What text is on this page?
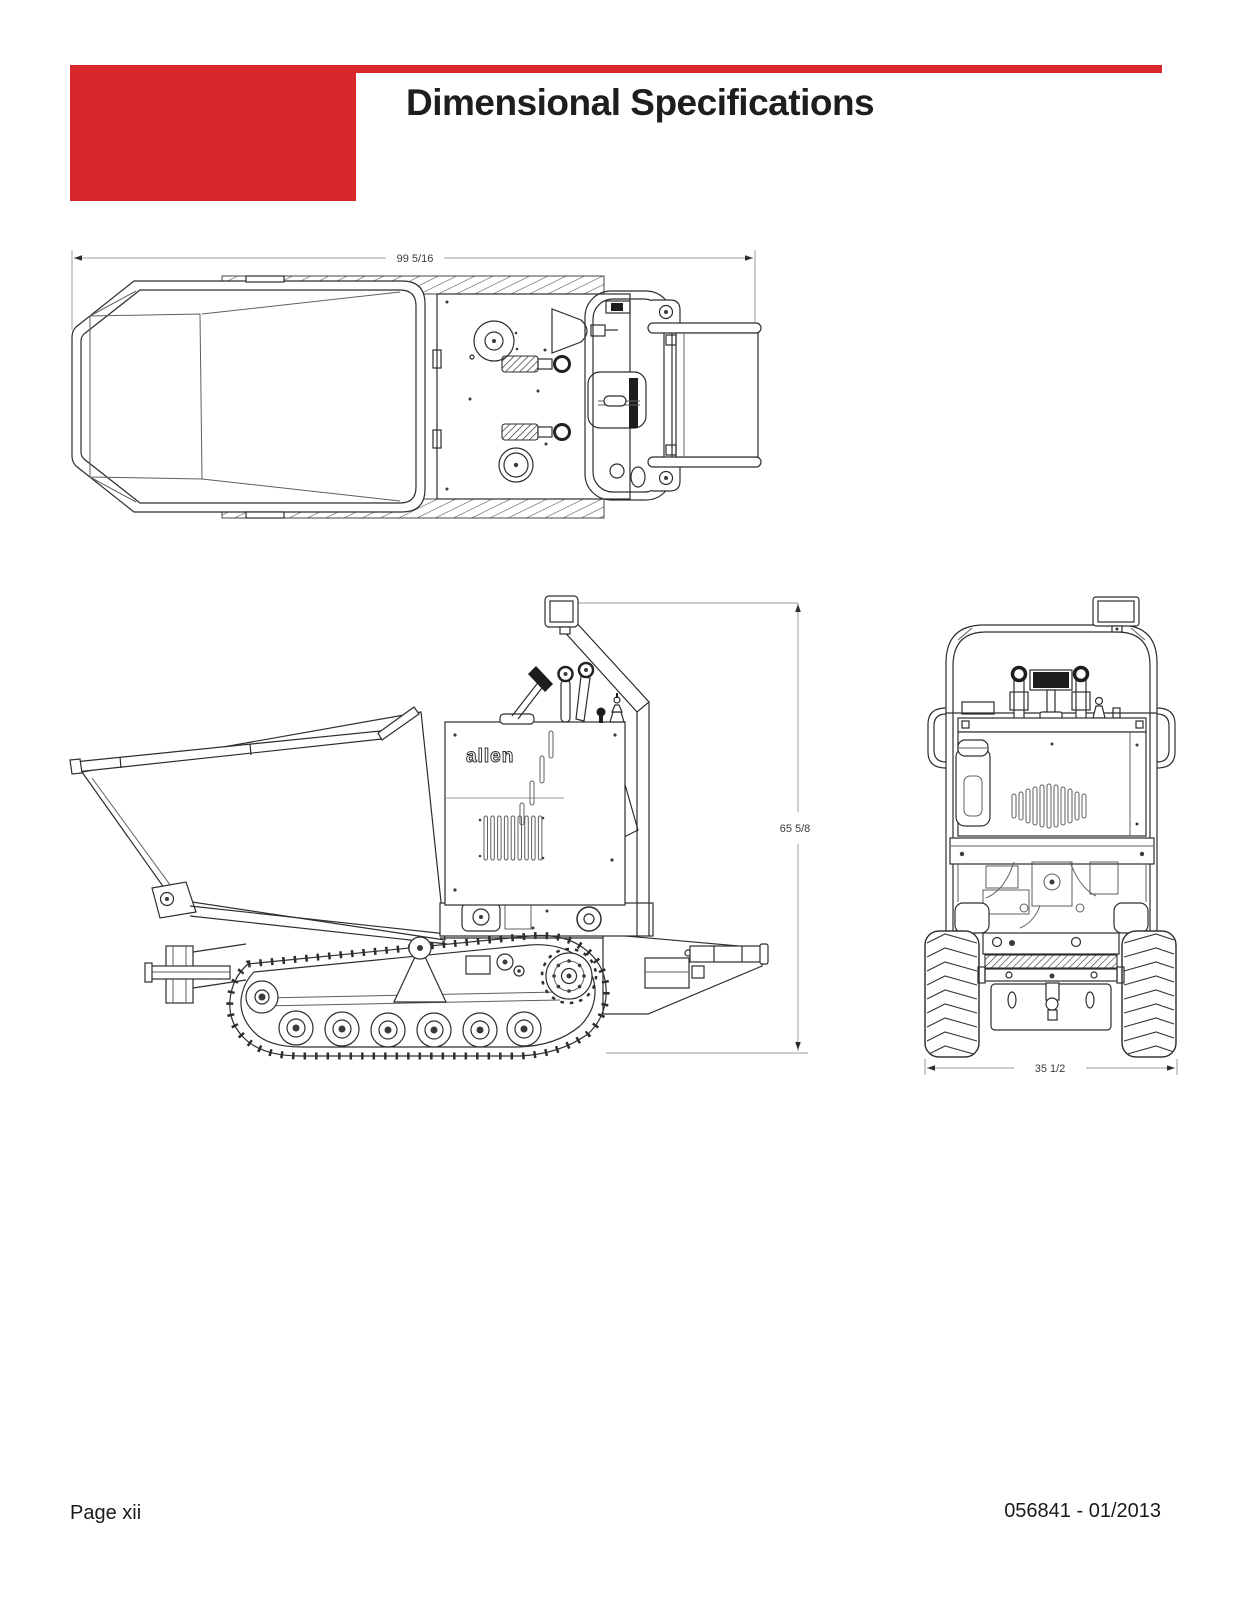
Dimensional Specifications
99 5/16
allen
65 5/8
35 1/2
Page xii	056841 - 01/2013
